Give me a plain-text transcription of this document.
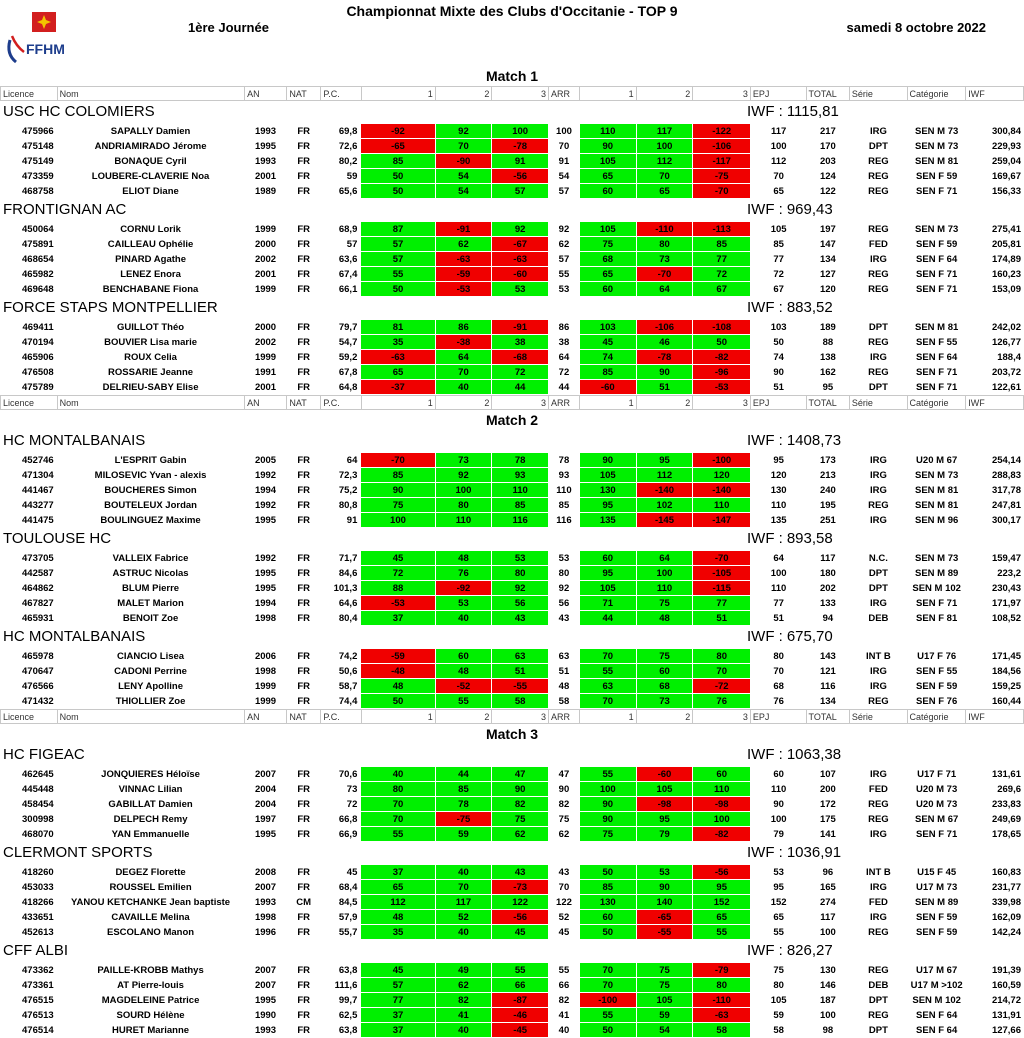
FFHM
Championnat Mixte des Clubs d'Occitanie - TOP 9
1ère Journée	samedi 8 octobre 2022
Match 1
Licence	Nom	AN	NAT	P.C.	1	2	3	ARR	1	2	3	EPJ	TOTAL	Série	Catégorie	IWF
USC HC COLOMIERS	IWF : 1115,81
475966	SAPALLY Damien	1993	FR	69,8	-92	92	100	100	110	117	-122	117	217	IRG	SEN M 73	300,84
475148	ANDRIAMIRADO Jérome	1995	FR	72,6	-65	70	-78	70	90	100	-106	100	170	DPT	SEN M 73	229,93
475149	BONAQUE Cyril	1993	FR	80,2	85	-90	91	91	105	112	-117	112	203	REG	SEN M 81	259,04
473359	LOUBERE-CLAVERIE Noa	2001	FR	59	50	54	-56	54	65	70	-75	70	124	REG	SEN F 59	169,67
468758	ELIOT Diane	1989	FR	65,6	50	54	57	57	60	65	-70	65	122	REG	SEN F 71	156,33
FRONTIGNAN AC	IWF : 969,43
450064	CORNU Lorik	1999	FR	68,9	87	-91	92	92	105	-110	-113	105	197	REG	SEN M 73	275,41
475891	CAILLEAU Ophélie	2000	FR	57	57	62	-67	62	75	80	85	85	147	FED	SEN F 59	205,81
468654	PINARD Agathe	2002	FR	63,6	57	-63	-63	57	68	73	77	77	134	IRG	SEN F 64	174,89
465982	LENEZ Enora	2001	FR	67,4	55	-59	-60	55	65	-70	72	72	127	REG	SEN F 71	160,23
469648	BENCHABANE Fiona	1999	FR	66,1	50	-53	53	53	60	64	67	67	120	REG	SEN F 71	153,09
FORCE STAPS MONTPELLIER	IWF : 883,52
469411	GUILLOT Théo	2000	FR	79,7	81	86	-91	86	103	-106	-108	103	189	DPT	SEN M 81	242,02
470194	BOUVIER Lisa marie	2002	FR	54,7	35	-38	38	38	45	46	50	50	88	REG	SEN F 55	126,77
465906	ROUX Celia	1999	FR	59,2	-63	64	-68	64	74	-78	-82	74	138	IRG	SEN F 64	188,4
476508	ROSSARIE Jeanne	1991	FR	67,8	65	70	72	72	85	90	-96	90	162	REG	SEN F 71	203,72
475789	DELRIEU-SABY Elise	2001	FR	64,8	-37	40	44	44	-60	51	-53	51	95	DPT	SEN F 71	122,61
Licence	Nom	AN	NAT	P.C.	1	2	3	ARR	1	2	3	EPJ	TOTAL	Série	Catégorie	IWF
Match 2
HC MONTALBANAIS	IWF : 1408,73
452746	L'ESPRIT Gabin	2005	FR	64	-70	73	78	78	90	95	-100	95	173	IRG	U20 M 67	254,14
471304	MILOSEVIC Yvan - alexis	1992	FR	72,3	85	92	93	93	105	112	120	120	213	IRG	SEN M 73	288,83
441467	BOUCHERES Simon	1994	FR	75,2	90	100	110	110	130	-140	-140	130	240	IRG	SEN M 81	317,78
443277	BOUTELEUX Jordan	1992	FR	80,8	75	80	85	85	95	102	110	110	195	REG	SEN M 81	247,81
441475	BOULINGUEZ Maxime	1995	FR	91	100	110	116	116	135	-145	-147	135	251	IRG	SEN M 96	300,17
TOULOUSE HC	IWF : 893,58
473705	VALLEIX Fabrice	1992	FR	71,7	45	48	53	53	60	64	-70	64	117	N.C.	SEN M 73	159,47
442587	ASTRUC Nicolas	1995	FR	84,6	72	76	80	80	95	100	-105	100	180	DPT	SEN M 89	223,2
464862	BLUM Pierre	1995	FR	101,3	88	-92	92	92	105	110	-115	110	202	DPT	SEN M 102	230,43
467827	MALET Marion	1994	FR	64,6	-53	53	56	56	71	75	77	77	133	IRG	SEN F 71	171,97
465931	BENOIT Zoe	1998	FR	80,4	37	40	43	43	44	48	51	51	94	DEB	SEN F 81	108,52
HC MONTALBANAIS	IWF : 675,70
465978	CIANCIO Lisea	2006	FR	74,2	-59	60	63	63	70	75	80	80	143	INT B	U17 F 76	171,45
470647	CADONI Perrine	1998	FR	50,6	-48	48	51	51	55	60	70	70	121	IRG	SEN F 55	184,56
476566	LENY Apolline	1999	FR	58,7	48	-52	-55	48	63	68	-72	68	116	IRG	SEN F 59	159,25
471432	THIOLLIER Zoe	1999	FR	74,4	50	55	58	58	70	73	76	76	134	REG	SEN F 76	160,44
Licence	Nom	AN	NAT	P.C.	1	2	3	ARR	1	2	3	EPJ	TOTAL	Série	Catégorie	IWF
Match 3
HC FIGEAC	IWF : 1063,38
462645	JONQUIERES Héloïse	2007	FR	70,6	40	44	47	47	55	-60	60	60	107	IRG	U17 F 71	131,61
445448	VINNAC Lilian	2004	FR	73	80	85	90	90	100	105	110	110	200	FED	U20 M 73	269,6
458454	GABILLAT Damien	2004	FR	72	70	78	82	82	90	-98	-98	90	172	REG	U20 M 73	233,83
300998	DELPECH Remy	1997	FR	66,8	70	-75	75	75	90	95	100	100	175	REG	SEN M 67	249,69
468070	YAN Emmanuelle	1995	FR	66,9	55	59	62	62	75	79	-82	79	141	IRG	SEN F 71	178,65
CLERMONT SPORTS	IWF : 1036,91
418260	DEGEZ Florette	2008	FR	45	37	40	43	43	50	53	-56	53	96	INT B	U15 F 45	160,83
453033	ROUSSEL Emilien	2007	FR	68,4	65	70	-73	70	85	90	95	95	165	IRG	U17 M 73	231,77
418266	YANOU KETCHANKE Jean baptiste	1993	CM	84,5	112	117	122	122	130	140	152	152	274	FED	SEN M 89	339,98
433651	CAVAILLE Melina	1998	FR	57,9	48	52	-56	52	60	-65	65	65	117	IRG	SEN F 59	162,09
452613	ESCOLANO Manon	1996	FR	55,7	35	40	45	45	50	-55	55	55	100	REG	SEN F 59	142,24
CFF ALBI	IWF : 826,27
473362	PAILLE-KROBB Mathys	2007	FR	63,8	45	49	55	55	70	75	-79	75	130	REG	U17 M 67	191,39
473361	AT Pierre-louis	2007	FR	111,6	57	62	66	66	70	75	80	80	146	DEB	U17 M >102	160,59
476515	MAGDELEINE Patrice	1995	FR	99,7	77	82	-87	82	-100	105	-110	105	187	DPT	SEN M 102	214,72
476513	SOURD Hélène	1990	FR	62,5	37	41	-46	41	55	59	-63	59	100	REG	SEN F 64	131,91
476514	HURET Marianne	1993	FR	63,8	37	40	-45	40	50	54	58	58	98	DPT	SEN F 64	127,66
